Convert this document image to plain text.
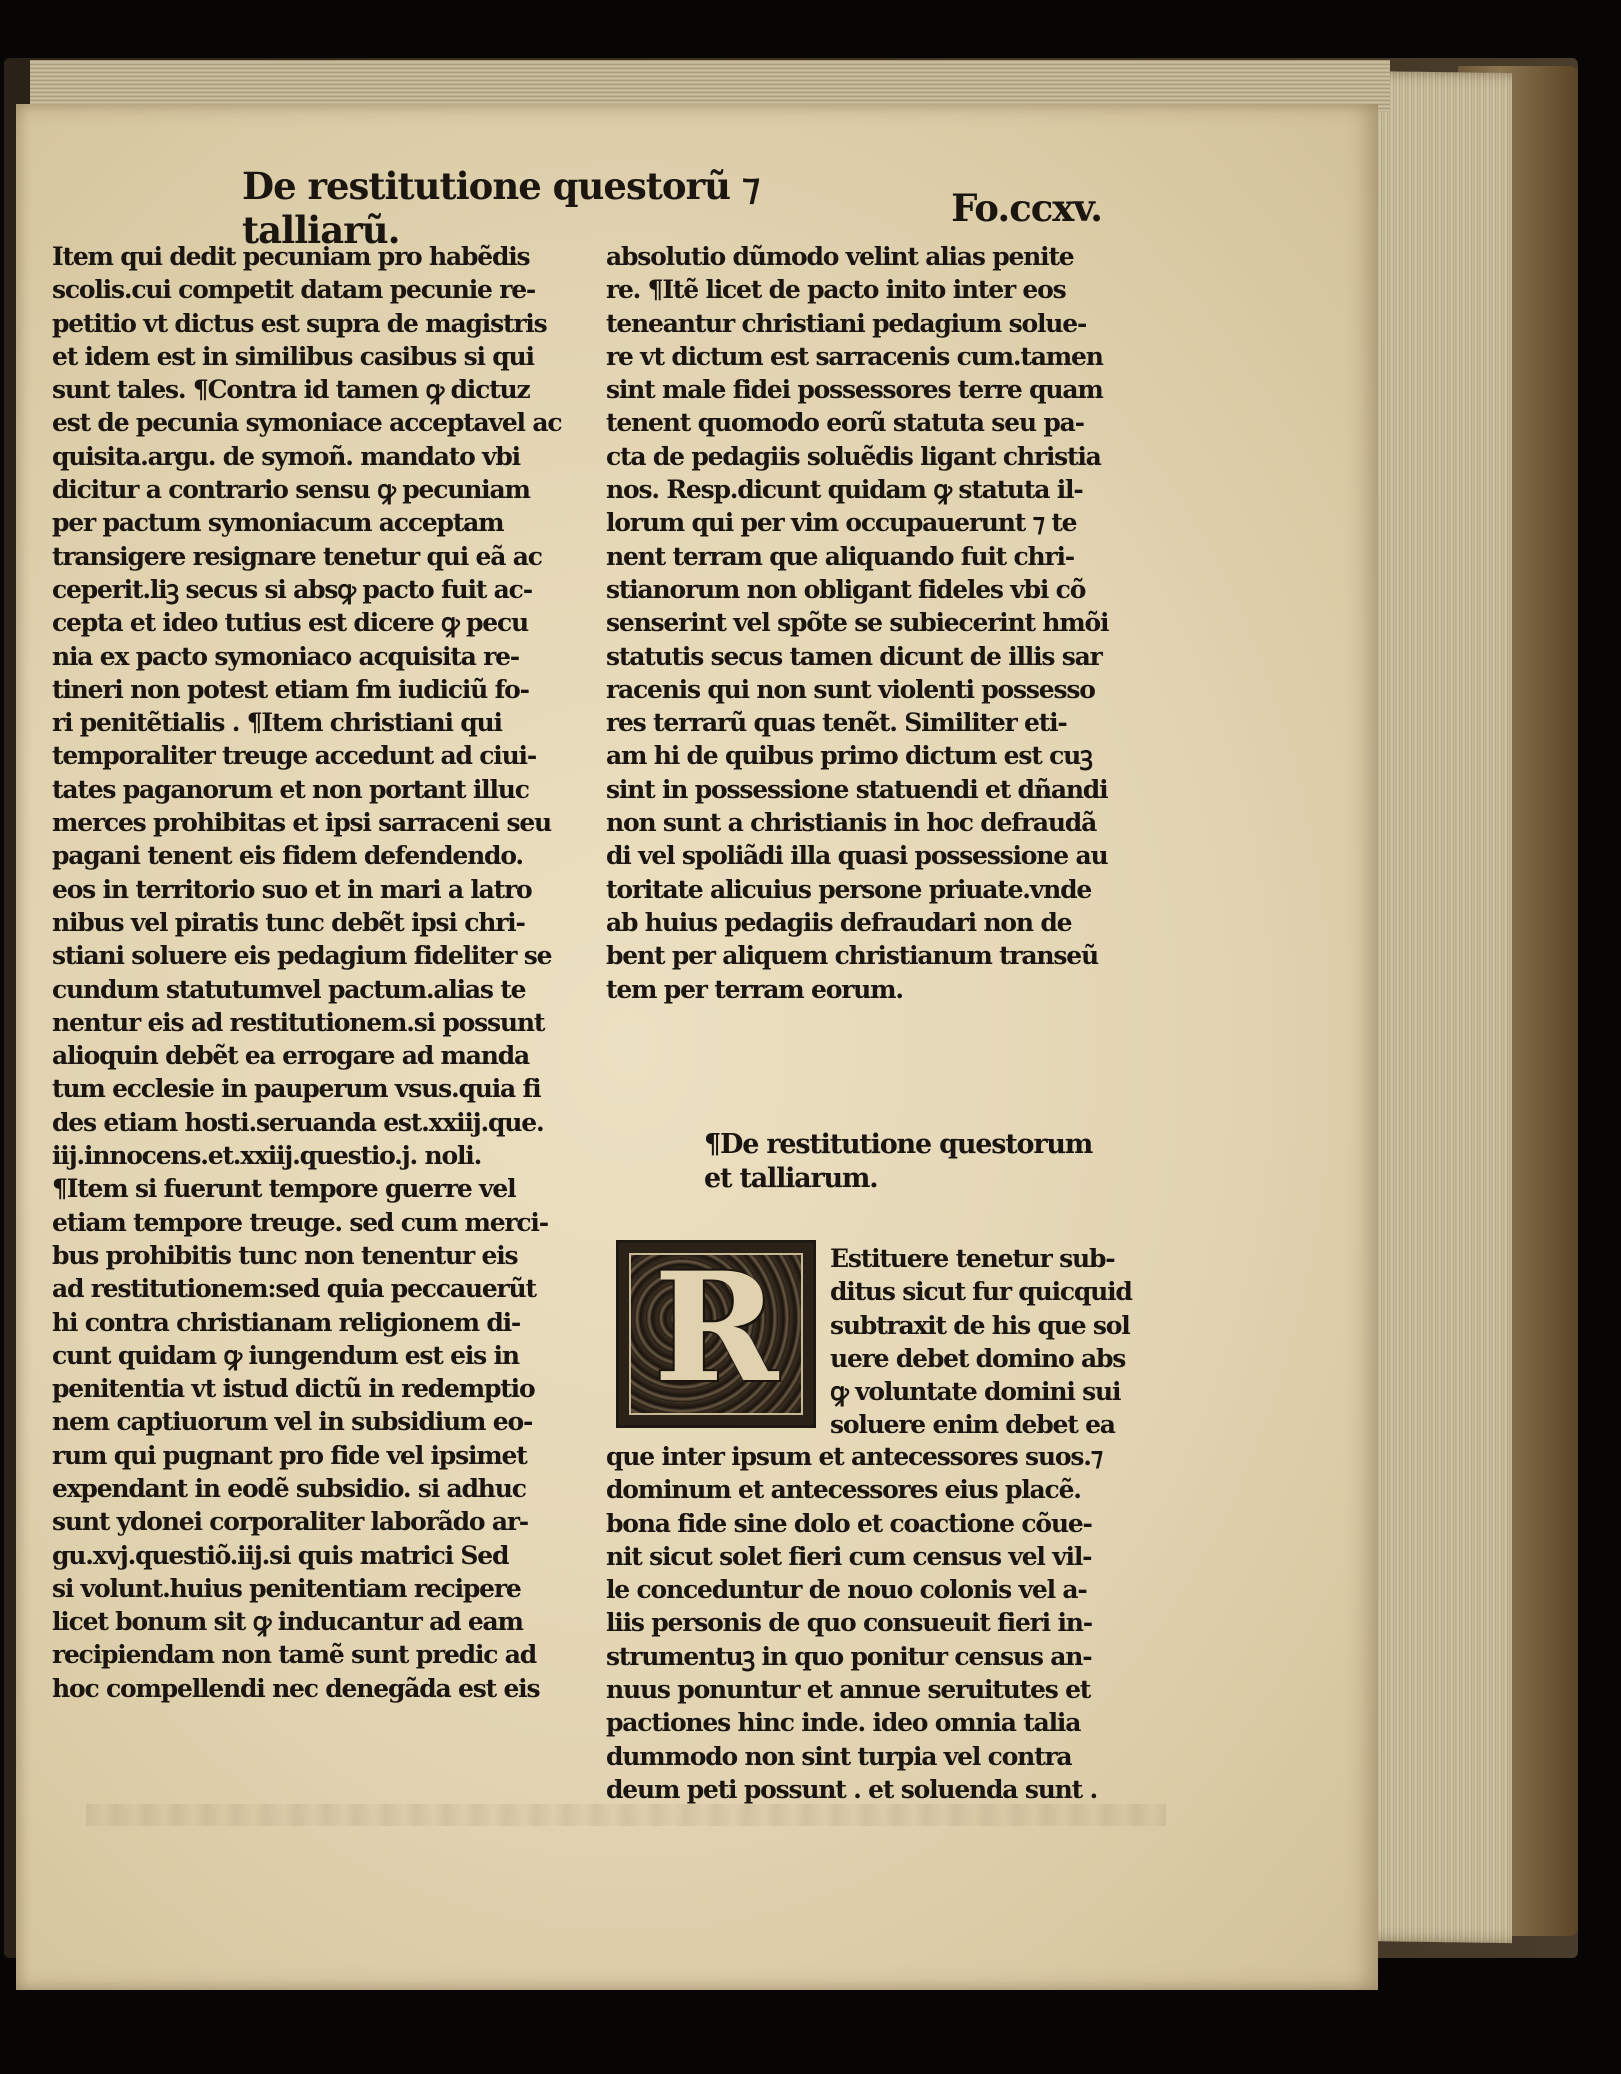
De restitutione questorũ ⁊ talliarũ.	Fo.ccxv.
Item qui dedit pecuniam pro habẽdis
scolis.cui competit datam pecunie re-
petitio vt dictus est supra de magistris
et idem est in similibus casibus si qui
sunt tales. ¶Contra id tamen ꝙ dictuz
est de pecunia symoniace acceptavel ac
quisita.argu. de symoñ. mandato vbi
dicitur a contrario sensu ꝙ pecuniam
per pactum symoniacum acceptam
transigere resignare tenetur qui eã ac
ceperit.liꝫ secus si absꝙ pacto fuit ac-
cepta et ideo tutius est dicere ꝙ pecu
nia ex pacto symoniaco acquisita re-
tineri non potest etiam fm iudiciũ fo-
ri penitẽtialis . ¶Item christiani qui
temporaliter treuge accedunt ad ciui-
tates paganorum et non portant illuc
merces prohibitas et ipsi sarraceni seu
pagani tenent eis fidem defendendo.
eos in territorio suo et in mari a latro
nibus vel piratis tunc debẽt ipsi chri-
stiani soluere eis pedagium fideliter se
cundum statutumvel pactum.alias te
nentur eis ad restitutionem.si possunt
alioquin debẽt ea errogare ad manda
tum ecclesie in pauperum vsus.quia fi
des etiam hosti.seruanda est.xxiij.que.
iij.innocens.et.xxiij.questio.j. noli.
¶Item si fuerunt tempore guerre vel
etiam tempore treuge. sed cum merci-
bus prohibitis tunc non tenentur eis
ad restitutionem:sed quia peccauerũt
hi contra christianam religionem di-
cunt quidam ꝙ iungendum est eis in
penitentia vt istud dictũ in redemptio
nem captiuorum vel in subsidium eo-
rum qui pugnant pro fide vel ipsimet
expendant in eodẽ subsidio. si adhuc
sunt ydonei corporaliter laborãdo ar-
gu.xvj.questiõ.iij.si quis matrici Sed
si volunt.huius penitentiam recipere
licet bonum sit ꝙ inducantur ad eam
recipiendam non tamẽ sunt predic ad
hoc compellendi nec denegãda est eis
absolutio dũmodo velint alias penite
re. ¶Itẽ licet de pacto inito inter eos
teneantur christiani pedagium solue-
re vt dictum est sarracenis cum.tamen
sint male fidei possessores terre quam
tenent quomodo eorũ statuta seu pa-
cta de pedagiis soluẽdis ligant christia
nos. Resp.dicunt quidam ꝙ statuta il-
lorum qui per vim occupauerunt ⁊ te
nent terram que aliquando fuit chri-
stianorum non obligant fideles vbi cõ
senserint vel spõte se subiecerint hmõi
statutis secus tamen dicunt de illis sar
racenis qui non sunt violenti possesso
res terrarũ quas tenẽt. Similiter eti-
am hi de quibus primo dictum est cuꝫ
sint in possessione statuendi et dñandi
non sunt a christianis in hoc defraudã
di vel spoliãdi illa quasi possessione au
toritate alicuius persone priuate.vnde
ab huius pedagiis defraudari non de
bent per aliquem christianum transeũ
tem per terram eorum.
¶De restitutione questorum
et talliarum.
R	Estituere tenetur sub-
ditus sicut fur quicquid
subtraxit de his que sol
uere debet domino abs
ꝙ voluntate domini sui
soluere enim debet ea
que inter ipsum et antecessores suos.⁊
dominum et antecessores eius placẽ.
bona fide sine dolo et coactione cõue-
nit sicut solet fieri cum census vel vil-
le conceduntur de nouo colonis vel a-
liis personis de quo consueuit fieri in-
strumentuꝫ in quo ponitur census an-
nuus ponuntur et annue seruitutes et
pactiones hinc inde. ideo omnia talia
dummodo non sint turpia vel contra
deum peti possunt . et soluenda sunt .
